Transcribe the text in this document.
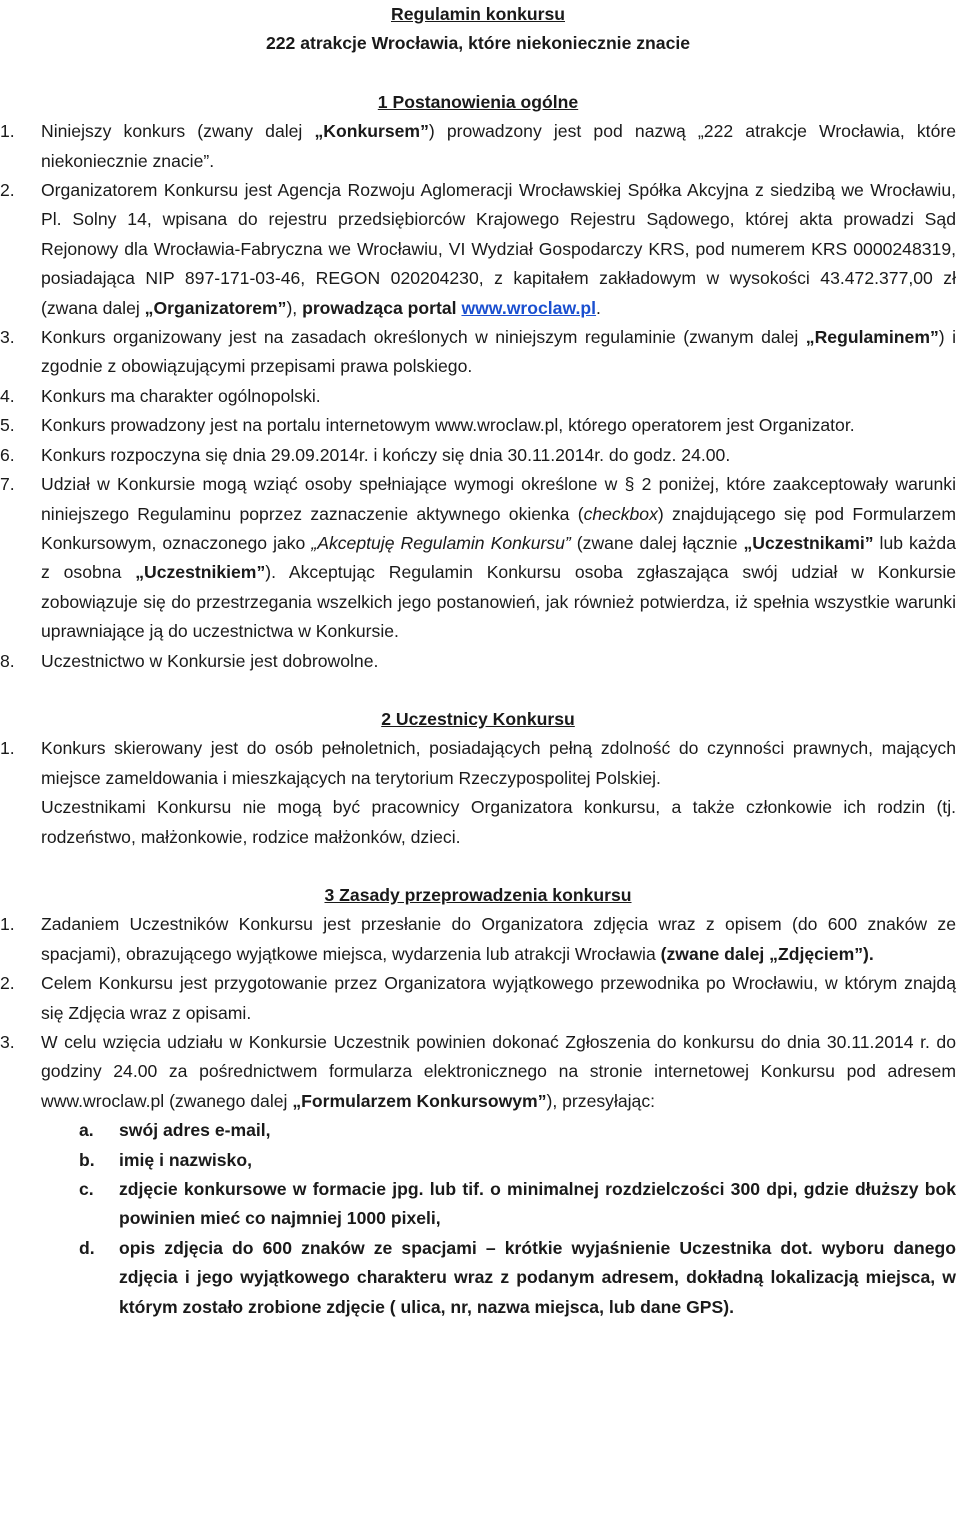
Regulamin konkursu

222 atrakcje Wrocławia, które niekoniecznie znacie

1 Postanowienia ogólne

1.	Niniejszy konkurs (zwany dalej „Konkursem”) prowadzony jest pod nazwą „222 atrakcje Wrocławia, które niekoniecznie znacie”.
2.	Organizatorem Konkursu jest Agencja Rozwoju Aglomeracji Wrocławskiej Spółka Akcyjna z siedzibą we Wrocławiu, Pl. Solny 14, wpisana do rejestru przedsiębiorców Krajowego Rejestru Sądowego, której akta prowadzi Sąd Rejonowy dla Wrocławia-Fabryczna we Wrocławiu, VI Wydział Gospodarczy KRS, pod numerem KRS 0000248319, posiadająca NIP 897-171-03-46, REGON 020204230, z kapitałem zakładowym w wysokości 43.472.377,00 zł (zwana dalej „Organizatorem”), prowadząca portal www.wroclaw.pl.
3.	Konkurs organizowany jest na zasadach określonych w niniejszym regulaminie (zwanym dalej „Regulaminem”) i zgodnie z obowiązującymi przepisami prawa polskiego.
4.	Konkurs ma charakter ogólnopolski.
5.	Konkurs prowadzony jest na portalu internetowym www.wroclaw.pl, którego operatorem jest Organizator.
6.	Konkurs rozpoczyna się dnia 29.09.2014r. i kończy się dnia 30.11.2014r. do godz. 24.00.
7.	Udział w Konkursie mogą wziąć osoby spełniające wymogi określone w § 2 poniżej, które zaakceptowały warunki niniejszego Regulaminu poprzez zaznaczenie aktywnego okienka (checkbox) znajdującego się pod Formularzem Konkursowym, oznaczonego jako „Akceptuję Regulamin Konkursu” (zwane dalej łącznie „Uczestnikami” lub każda z osobna „Uczestnikiem”). Akceptując Regulamin Konkursu osoba zgłaszająca swój udział w Konkursie zobowiązuje się do przestrzegania wszelkich jego postanowień, jak również potwierdza, iż spełnia wszystkie warunki uprawniające ją do uczestnictwa w Konkursie.
8.	Uczestnictwo w Konkursie jest dobrowolne.

2 Uczestnicy Konkursu

1.	Konkurs skierowany jest do osób pełnoletnich, posiadających pełną zdolność do czynności prawnych, mających miejsce zameldowania i mieszkających na terytorium Rzeczypospolitej Polskiej.
Uczestnikami Konkursu nie mogą być pracownicy Organizatora konkursu, a także członkowie ich rodzin (tj. rodzeństwo, małżonkowie, rodzice małżonków, dzieci.

3 Zasady przeprowadzenia konkursu

1.	Zadaniem Uczestników Konkursu jest przesłanie do Organizatora zdjęcia wraz z opisem (do 600 znaków ze spacjami), obrazującego wyjątkowe miejsca, wydarzenia lub atrakcji Wrocławia (zwane dalej „Zdjęciem”).
2.	Celem Konkursu jest przygotowanie przez Organizatora wyjątkowego przewodnika po Wrocławiu, w którym znajdą się Zdjęcia wraz z opisami.
3.	W celu wzięcia udziału w Konkursie Uczestnik powinien dokonać Zgłoszenia do konkursu do dnia 30.11.2014 r. do godziny 24.00 za pośrednictwem formularza elektronicznego na stronie internetowej Konkursu pod adresem www.wroclaw.pl (zwanego dalej „Formularzem Konkursowym”), przesyłając:
a. swój adres e-mail,
b. imię i nazwisko,
c. zdjęcie konkursowe w formacie jpg. lub tif. o minimalnej rozdzielczości 300 dpi, gdzie dłuższy bok powinien mieć co najmniej 1000 pixeli,
d. opis zdjęcia do 600 znaków ze spacjami – krótkie wyjaśnienie Uczestnika dot. wyboru danego zdjęcia i jego wyjątkowego charakteru wraz z podanym adresem, dokładną lokalizacją miejsca, w którym zostało zrobione zdjęcie ( ulica, nr, nazwa miejsca, lub dane GPS).
